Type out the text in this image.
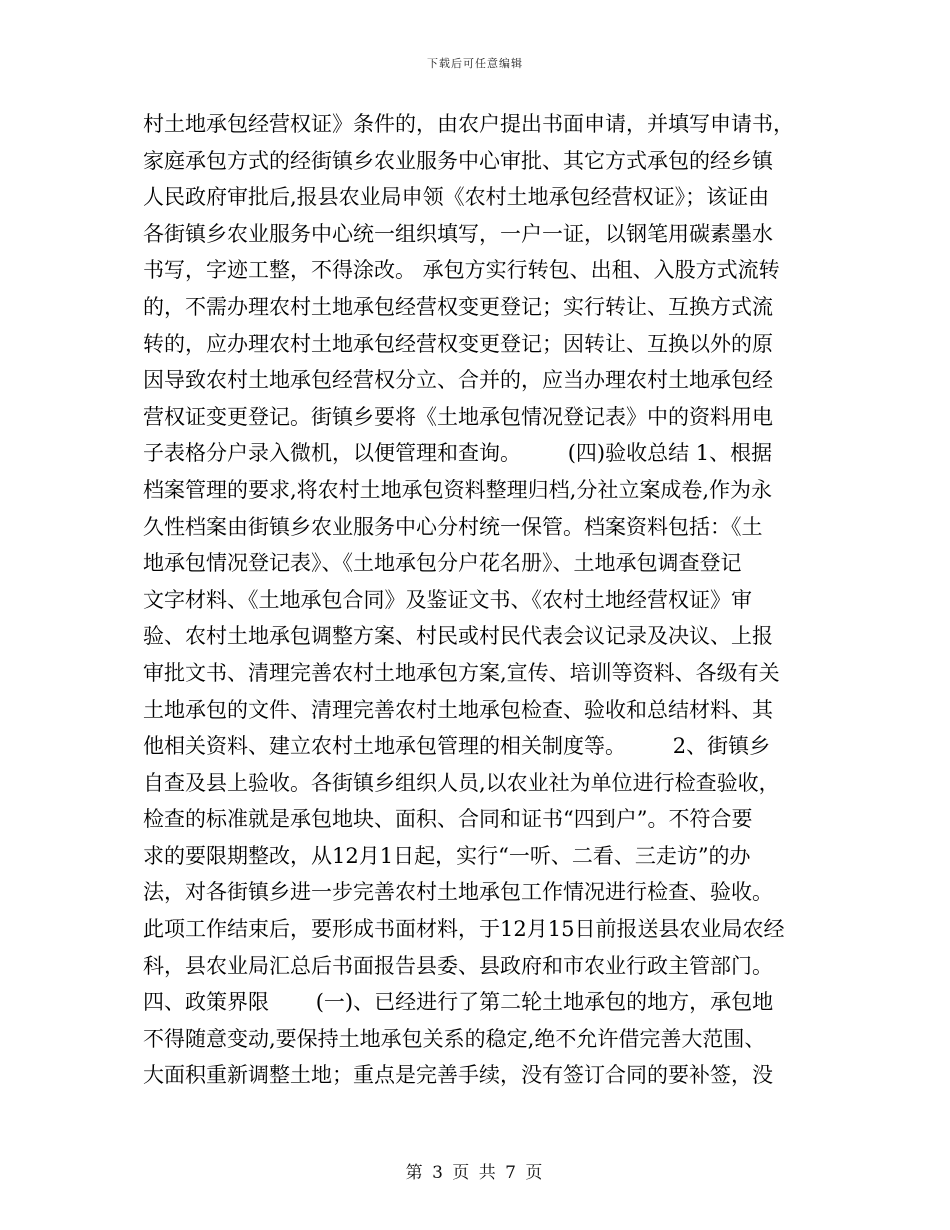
下载后可任意编辑
村土地承包经营权证》条件的，由农户提出书面申请，并填写申请书，
家庭承包方式的经街镇乡农业服务中心审批、其它方式承包的经乡镇
人民政府审批后,报县农业局申领《农村土地承包经营权证》；该证由
各街镇乡农业服务中心统一组织填写，一户一证，以钢笔用碳素墨水
书写，字迹工整，不得涂改。 承包方实行转包、出租、入股方式流转
的，不需办理农村土地承包经营权变更登记；实行转让、互换方式流
转的，应办理农村土地承包经营权变更登记；因转让、互换以外的原
因导致农村土地承包经营权分立、合并的，应当办理农村土地承包经
营权证变更登记。街镇乡要将《土地承包情况登记表》中的资料用电
子表格分户录入微机，以便管理和查询。       (四)验收总结 1、根据
档案管理的要求,将农村土地承包资料整理归档,分社立案成卷,作为永
久性档案由街镇乡农业服务中心分村统一保管。档案资料包括：《土
地承包情况登记表》、《土地承包分户花名册》、土地承包调查登记
文字材料、《土地承包合同》及鉴证文书、《农村土地经营权证》审
验、农村土地承包调整方案、村民或村民代表会议记录及决议、上报
审批文书、清理完善农村土地承包方案,宣传、培训等资料、各级有关
土地承包的文件、清理完善农村土地承包检查、验收和总结材料、其
他相关资料、建立农村土地承包管理的相关制度等。       2、街镇乡
自查及县上验收。各街镇乡组织人员,以农业社为单位进行检查验收，
检查的标准就是承包地块、面积、合同和证书“四到户”。不符合要
求的要限期整改，从12月1日起，实行“一听、二看、三走访”的办
法，对各街镇乡进一步完善农村土地承包工作情况进行检查、验收。
此项工作结束后，要形成书面材料，于12月15日前报送县农业局农经
科，县农业局汇总后书面报告县委、县政府和市农业行政主管部门。
四、政策界限       (一)、已经进行了第二轮土地承包的地方，承包地
不得随意变动,要保持土地承包关系的稳定,绝不允许借完善大范围、
大面积重新调整土地；重点是完善手续，没有签订合同的要补签，没
第 3 页 共 7 页
